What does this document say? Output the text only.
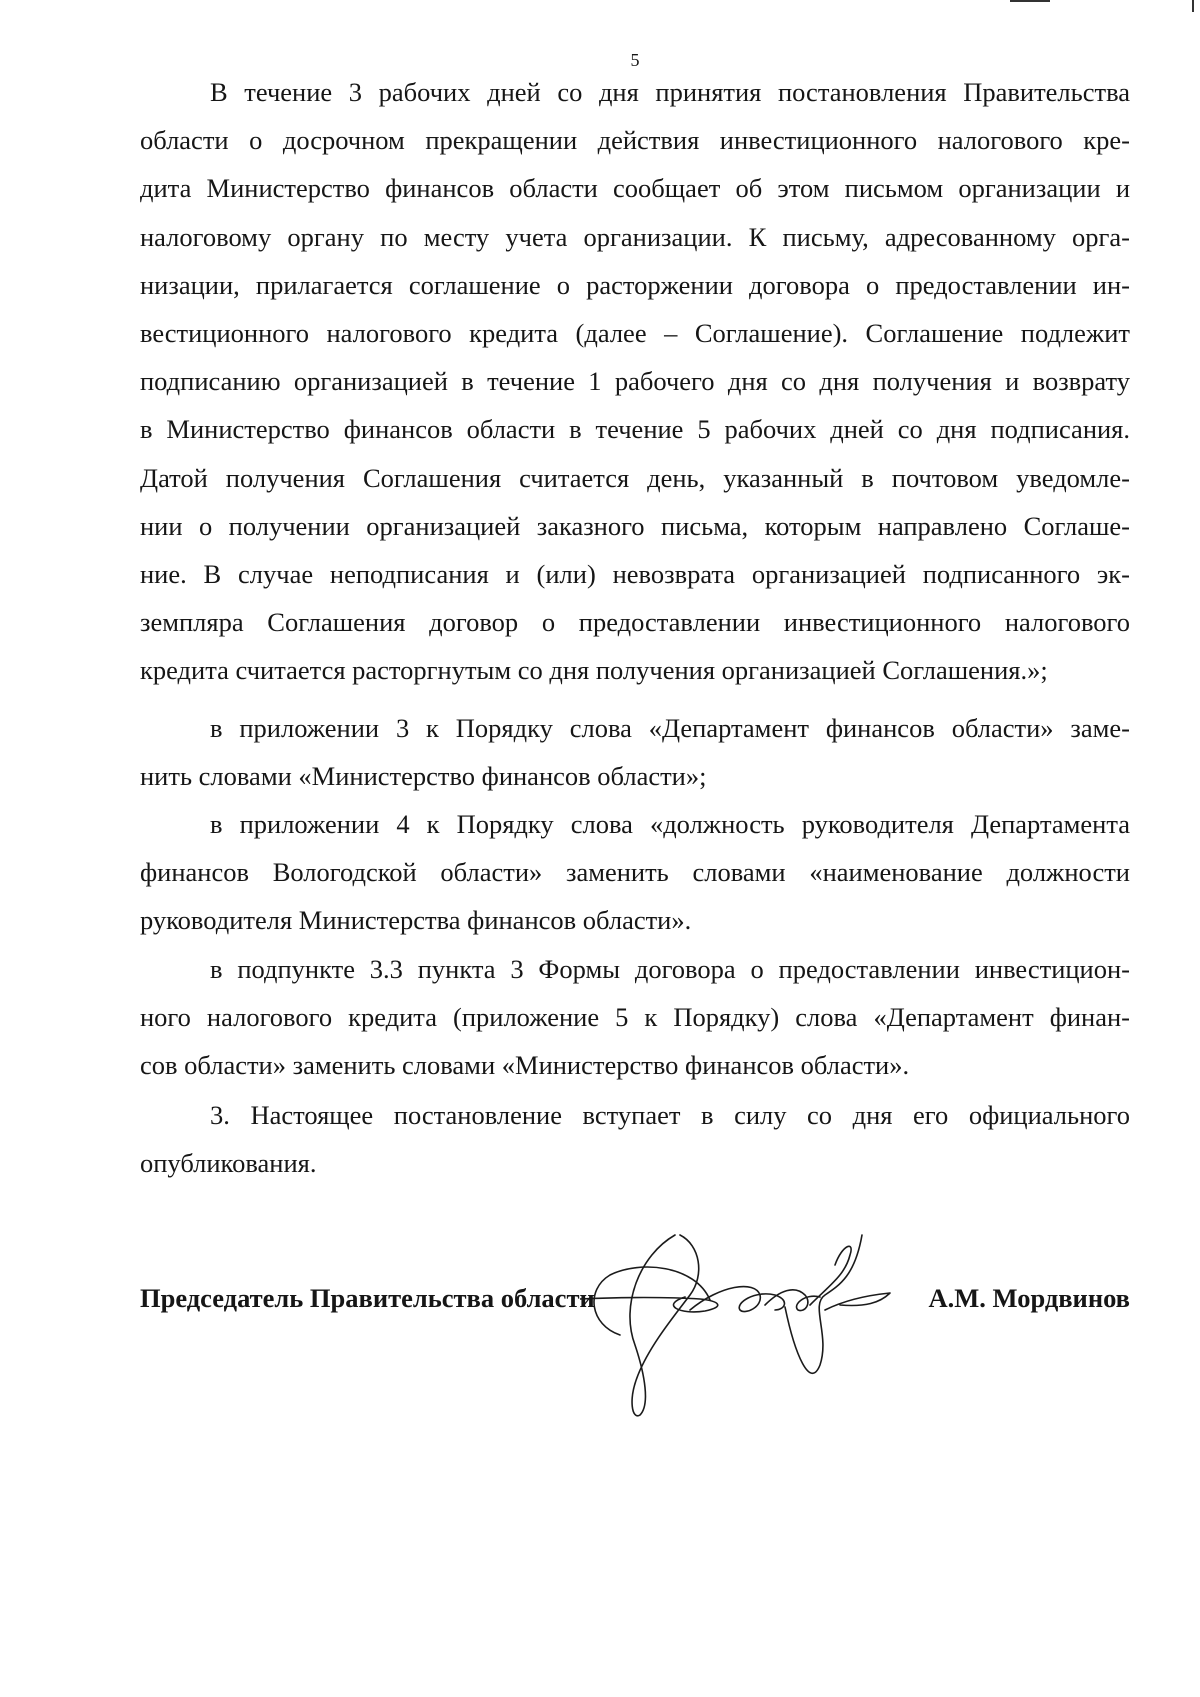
5
В течение 3 рабочих дней со дня принятия постановления Правительства
области о досрочном прекращении действия инвестиционного налогового кре-
дита Министерство финансов области сообщает об этом письмом организации и
налоговому органу по месту учета организации. К письму, адресованному орга-
низации, прилагается соглашение о расторжении договора о предоставлении ин-
вестиционного налогового кредита (далее – Соглашение). Соглашение подлежит
подписанию организацией в течение 1 рабочего дня со дня получения и возврату
в Министерство финансов области в течение 5 рабочих дней со дня подписания.
Датой получения Соглашения считается день, указанный в почтовом уведомле-
нии о получении организацией заказного письма, которым направлено Соглаше-
ние. В случае неподписания и (или) невозврата организацией подписанного эк-
земпляра Соглашения договор о предоставлении инвестиционного налогового
кредита считается расторгнутым со дня получения организацией Соглашения.»;
в приложении 3 к Порядку слова «Департамент финансов области» заме-
нить словами «Министерство финансов области»;
в приложении 4 к Порядку слова «должность руководителя Департамента
финансов Вологодской области» заменить словами «наименование должности
руководителя Министерства финансов области».
в подпункте 3.3 пункта 3 Формы договора о предоставлении инвестицион-
ного налогового кредита (приложение 5 к Порядку) слова «Департамент финан-
сов области» заменить словами «Министерство финансов области».
3. Настоящее постановление вступает в силу со дня его официального
опубликования.
Председатель Правительства области	А.М. Мордвинов
